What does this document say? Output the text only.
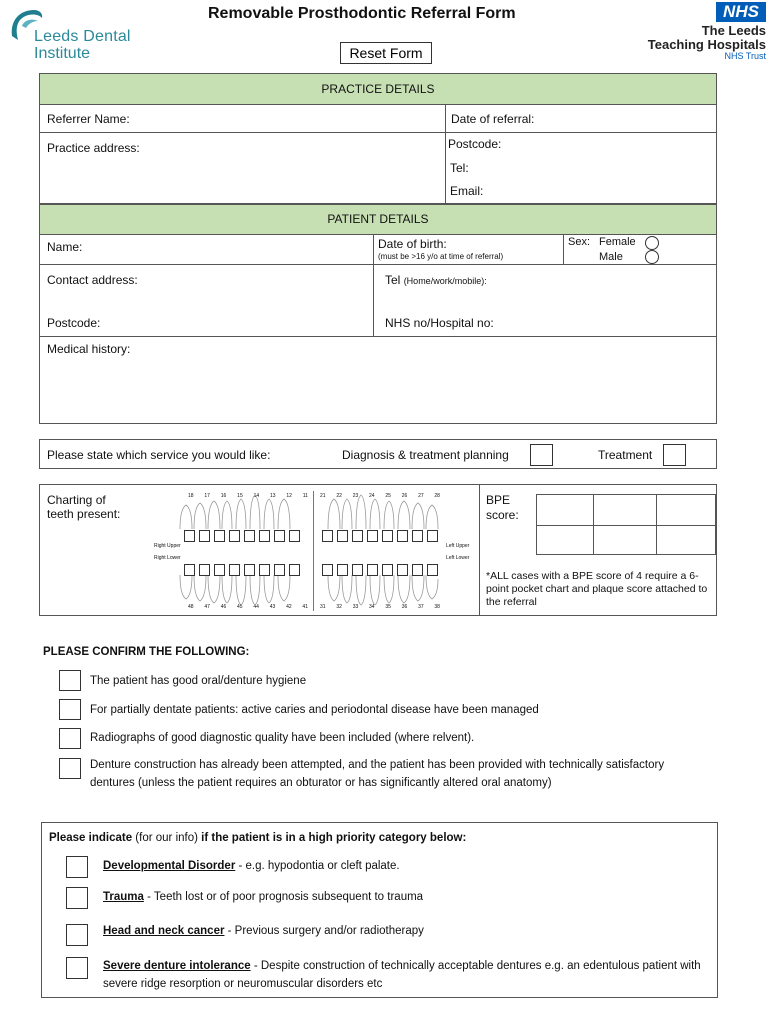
Leeds Dental
Institute
Removable Prosthodontic Referral Form
Reset Form
NHS
The Leeds
Teaching Hospitals
NHS Trust
PRACTICE DETAILS
Referrer Name:	Date of referral:
Practice address:	Postcode:
Tel:
Email:
PATIENT DETAILS
Name:	Date of birth:
(must be >16 y/o at time of referral)
Sex: Female
Male
Contact address:	Tel (Home/work/mobile):
Postcode:	NHS no/Hospital no:
Medical history:
Please state which service you would like:	Diagnosis & treatment planning	Treatment
Charting of
teeth present:
Right Upper	Left Upper
Right Lower	Left Lower
18 17 16 15 14 13 12 11 21 22 23 24 25 26 27 28
48 47 46 45 44 43 42 41 31 32 33 34 35 36 37 38
BPE
score:
*ALL cases with a BPE score of 4 require a 6-point pocket chart and plaque score attached to the referral
PLEASE CONFIRM THE FOLLOWING:
The patient has good oral/denture hygiene
For partially dentate patients: active caries and periodontal disease have been managed
Radiographs of good diagnostic quality have been included (where relvent).
Denture construction has already been attempted, and the patient has been provided with technically satisfactory dentures (unless the patient requires an obturator or has significantly altered oral anatomy)
Please indicate (for our info) if the patient is in a high priority category below:
Developmental Disorder - e.g. hypodontia or cleft palate.
Trauma - Teeth lost or of poor prognosis subsequent to trauma
Head and neck cancer - Previous surgery and/or radiotherapy
Severe denture intolerance - Despite construction of technically acceptable dentures e.g. an edentulous patient with severe ridge resorption or neuromuscular disorders etc
